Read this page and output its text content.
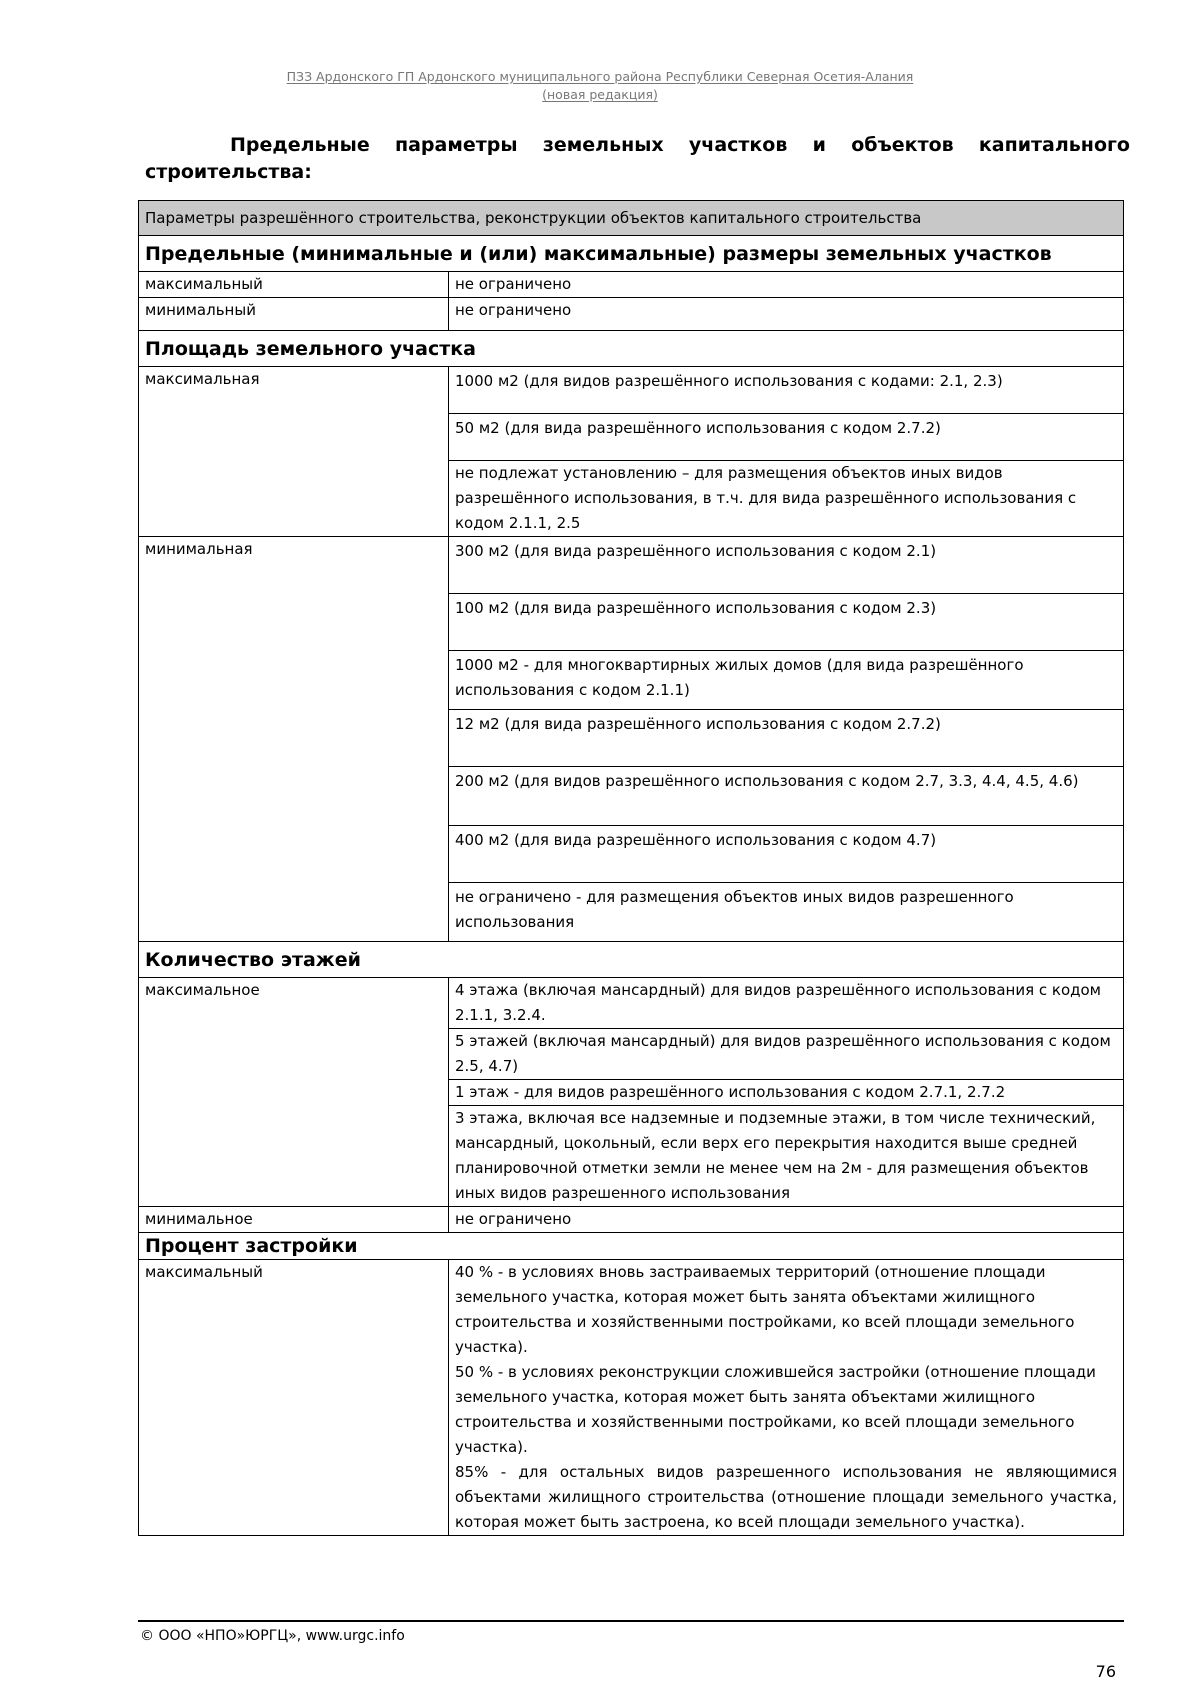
ПЗЗ Ардонского ГП Ардонского муниципального района Республики Северная Осетия-Алания
(новая редакция)
Предельные параметры земельных участков и объектов капитального
строительства:
Параметры разрешённого строительства, реконструкции объектов капитального строительства	
Предельные (минимальные и (или) максимальные) размеры земельных участков	
максимальный	не ограничено
минимальный	не ограничено
Площадь земельного участка	
максимальная	1000 м2 (для видов разрешённого использования с кодами: 2.1, 2.3)
	50 м2 (для вида разрешённого использования с кодом 2.7.2)
	не подлежат установлению – для размещения объектов иных видов разрешённого использования, в т.ч. для вида разрешённого использования с кодом 2.1.1, 2.5
минимальная	300 м2 (для вида разрешённого использования с кодом 2.1)
	100 м2 (для вида разрешённого использования с кодом 2.3)
	1000 м2 - для многоквартирных жилых домов (для вида разрешённого использования с кодом 2.1.1)
	12 м2 (для вида разрешённого использования с кодом 2.7.2)
	200 м2 (для видов разрешённого использования с кодом 2.7, 3.3, 4.4, 4.5, 4.6)
	400 м2 (для вида разрешённого использования с кодом 4.7)
	не ограничено - для размещения объектов иных видов разрешенного использования
Количество этажей	
максимальное	4 этажа (включая мансардный) для видов разрешённого использования с кодом 2.1.1, 3.2.4.
	5 этажей (включая мансардный) для видов разрешённого использования с кодом 2.5, 4.7)
	1 этаж - для видов разрешённого использования с кодом 2.7.1, 2.7.2
	3 этажа, включая все надземные и подземные этажи, в том числе технический, мансардный, цокольный, если верх его перекрытия находится выше средней планировочной отметки земли не менее чем на 2м - для размещения объектов иных видов разрешенного использования
минимальное	не ограничено
Процент застройки	
максимальный	40 % - в условиях вновь застраиваемых территорий (отношение площади земельного участка, которая может быть занята объектами жилищного строительства и хозяйственными постройками, ко всей площади земельного участка).
50 % - в условиях реконструкции сложившейся застройки (отношение площади земельного участка, которая может быть занята объектами жилищного строительства и хозяйственными постройками, ко всей площади земельного участка).
85% - для остальных видов разрешенного использования не являющимися объектами жилищного строительства (отношение площади земельного участка, которая может быть застроена, ко всей площади земельного участка).
© ООО «НПО»ЮРГЦ», www.urgc.info
76
